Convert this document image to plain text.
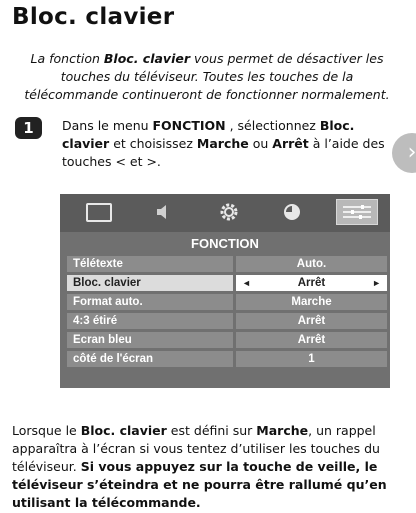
Bloc. clavier
La fonction Bloc. clavier vous permet de désactiver les touches du téléviseur. Toutes les touches de la télécommande continueront de fonctionner normalement.
1	Dans le menu FONCTION , sélectionnez Bloc. clavier et choisissez Marche ou Arrêt à l’aide des touches < et >.	›
FONCTION
Télétexte	Auto.
Bloc. clavier	◄	Arrêt	►
Format auto.	Marche
4:3 étiré	Arrêt
Ecran bleu	Arrêt
côté de l'écran	1
Lorsque le Bloc. clavier est défini sur Marche, un rappel apparaîtra à l’écran si vous tentez d’utiliser les touches du téléviseur. Si vous appuyez sur la touche de veille, le téléviseur s’éteindra et ne pourra être rallumé qu’en utilisant la télécommande.
